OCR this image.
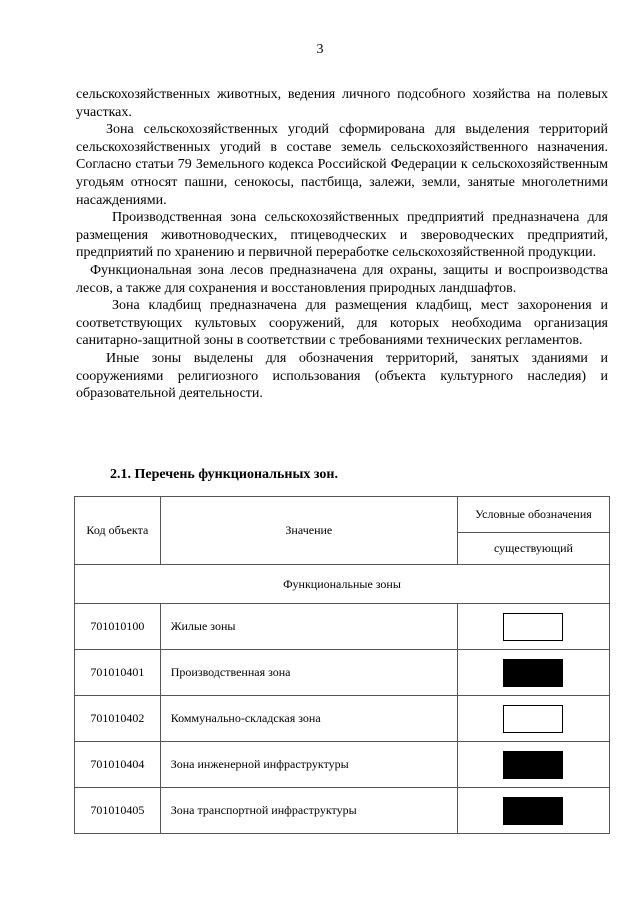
3

сельскохозяйственных животных, ведения личного подсобного хозяйства на полевых участках.

Зона сельскохозяйственных угодий сформирована для выделения территорий сельскохозяйственных угодий в составе земель сельскохозяйственного назначения. Согласно статьи 79 Земельного кодекса Российской Федерации к сельскохозяйственным угодьям относят пашни, сенокосы, пастбища, залежи, земли, занятые многолетними насаждениями.

Производственная зона сельскохозяйственных предприятий предназначена для размещения животноводческих, птицеводческих и звероводческих предприятий, предприятий по хранению и первичной переработке сельскохозяйственной продукции.

Функциональная зона лесов предназначена для охраны, защиты и воспроизводства лесов, а также для сохранения и восстановления природных ландшафтов.

Зона кладбищ предназначена для размещения кладбищ, мест захоронения и соответствующих культовых сооружений, для которых необходима организация санитарно-защитной зоны в соответствии с требованиями технических регламентов.

Иные зоны выделены для обозначения территорий, занятых зданиями и сооружениями религиозного использования (объекта культурного наследия) и образовательной деятельности.

2.1. Перечень функциональных зон.
Код объекта	Значение	Условные обозначения
		существующий
Функциональные зоны		
701010100	Жилые зоны	
701010401	Производственная зона	
701010402	Коммунально-складская зона	
701010404	Зона инженерной инфраструктуры	
701010405	Зона транспортной инфраструктуры	
